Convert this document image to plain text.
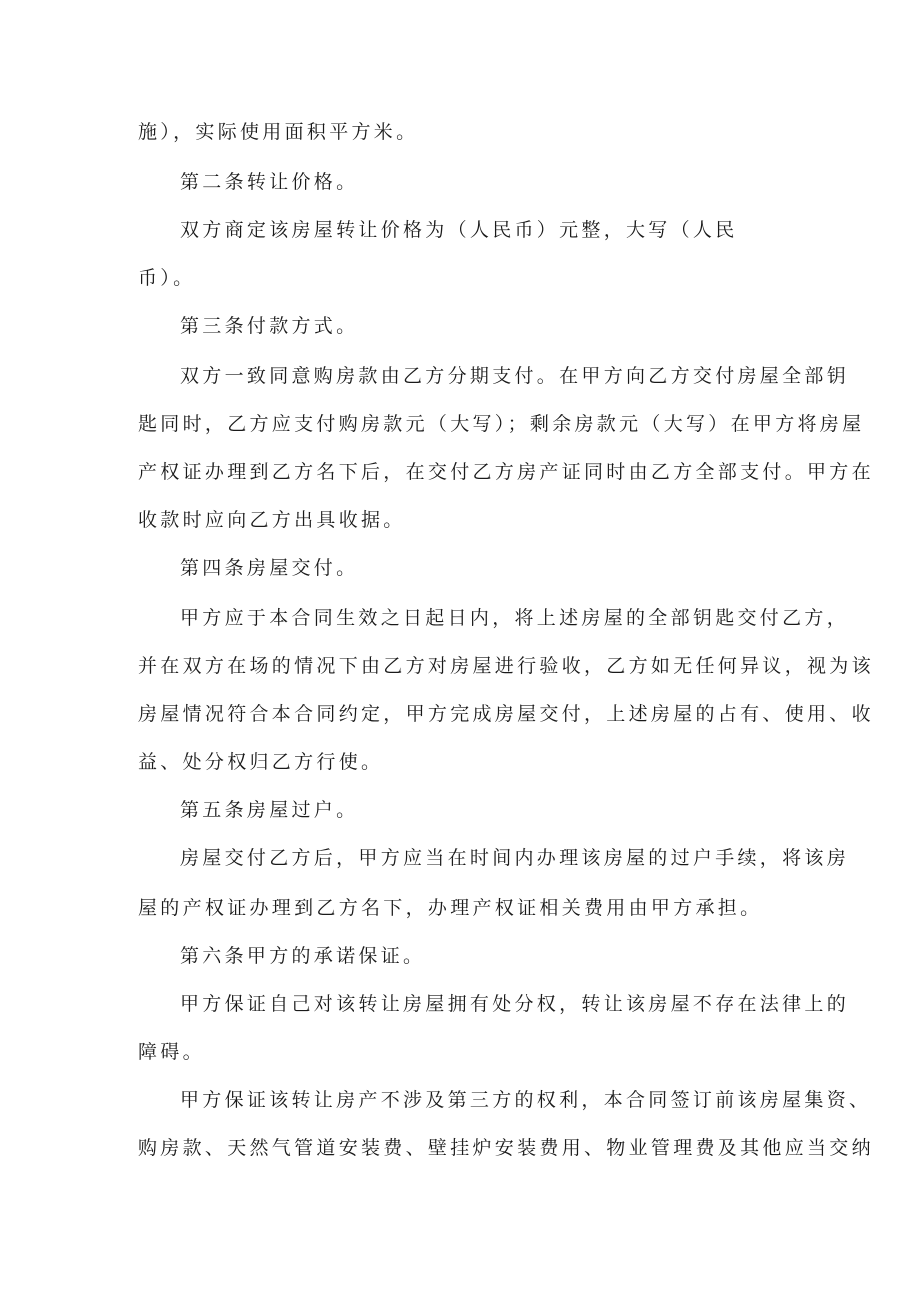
施），实际使用面积平方米。
第二条转让价格。
双方商定该房屋转让价格为（人民币）元整，大写（人民
币）。
第三条付款方式。
双方一致同意购房款由乙方分期支付。在甲方向乙方交付房屋全部钥
匙同时，乙方应支付购房款元（大写）；剩余房款元（大写）在甲方将房屋
产权证办理到乙方名下后，在交付乙方房产证同时由乙方全部支付。甲方在
收款时应向乙方出具收据。
第四条房屋交付。
甲方应于本合同生效之日起日内，将上述房屋的全部钥匙交付乙方，
并在双方在场的情况下由乙方对房屋进行验收，乙方如无任何异议，视为该
房屋情况符合本合同约定，甲方完成房屋交付，上述房屋的占有、使用、收
益、处分权归乙方行使。
第五条房屋过户。
房屋交付乙方后，甲方应当在时间内办理该房屋的过户手续，将该房
屋的产权证办理到乙方名下，办理产权证相关费用由甲方承担。
第六条甲方的承诺保证。
甲方保证自己对该转让房屋拥有处分权，转让该房屋不存在法律上的
障碍。
甲方保证该转让房产不涉及第三方的权利，本合同签订前该房屋集资、
购房款、天然气管道安装费、壁挂炉安装费用、物业管理费及其他应当交纳
